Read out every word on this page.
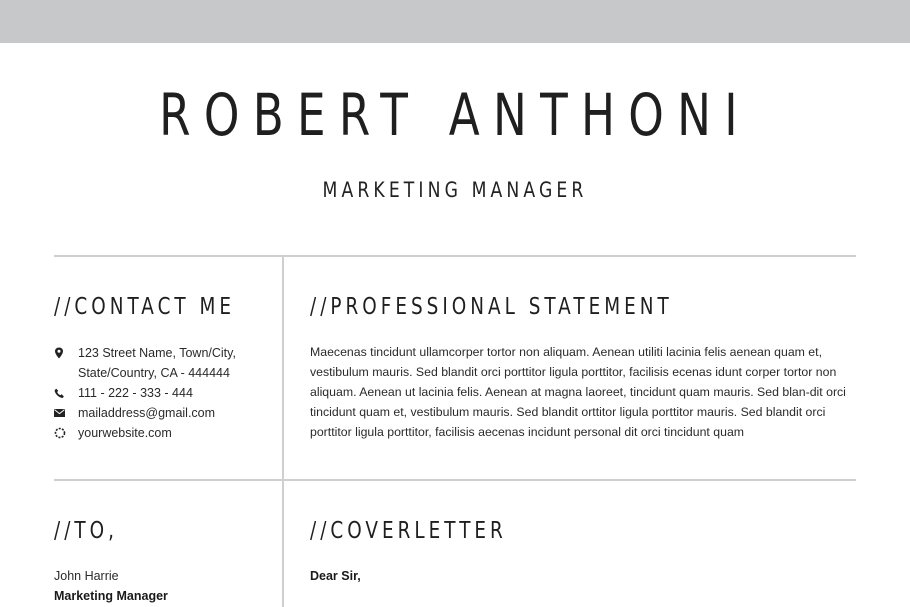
ROBERT ANTHONI
MARKETING MANAGER
//CONTACT ME	//PROFESSIONAL STATEMENT
123 Street Name, Town/City,
State/Country, CA - 444444
111 - 222 - 333 - 444
mailaddress@gmail.com
yourwebsite.com
Maecenas tincidunt ullamcorper tortor non aliquam. Aenean utiliti lacinia felis aenean quam et, vestibulum mauris. Sed blandit orci porttitor ligula porttitor, facilisis ecenas idunt corper tortor non aliquam. Aenean ut lacinia felis. Aenean at magna laoreet, tincidunt quam mauris. Sed blan-dit orci tincidunt quam et, vestibulum mauris. Sed blandit orttitor ligula porttitor mauris. Sed blandit orci porttitor ligula porttitor, facilisis aecenas incidunt personal dit orci tincidunt quam
//TO,	//COVERLETTER
John Harrie
Marketing Manager
Dear Sir,
